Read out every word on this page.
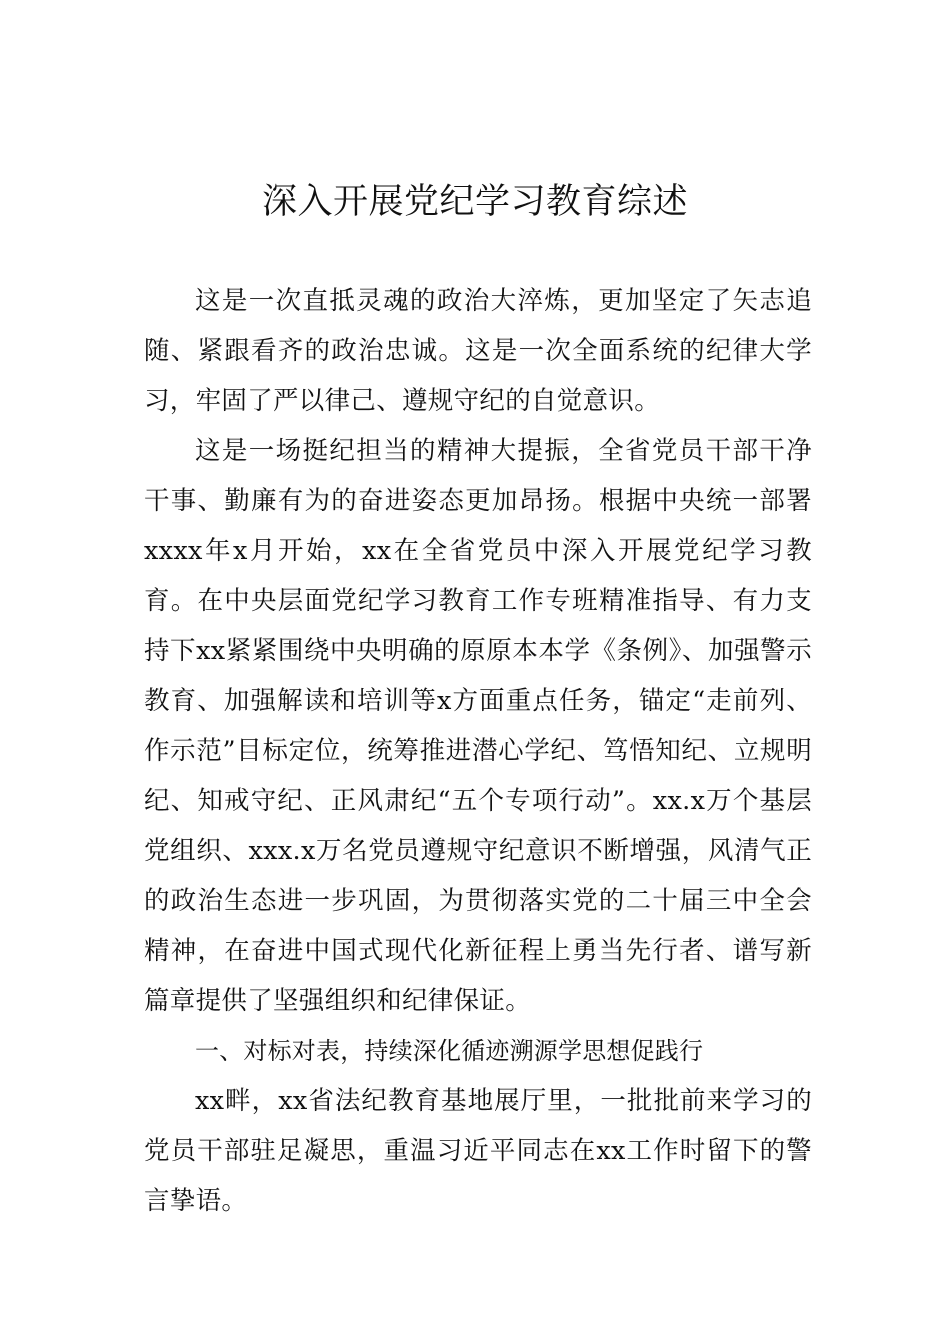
深入开展党纪学习教育综述

这是一次直抵灵魂的政治大淬炼，更加坚定了矢志追随、紧跟看齐的政治忠诚。这是一次全面系统的纪律大学习，牢固了严以律己、遵规守纪的自觉意识。

这是一场挺纪担当的精神大提振，全省党员干部干净干事、勤廉有为的奋进姿态更加昂扬。根据中央统一部署xxxx年x月开始，xx在全省党员中深入开展党纪学习教育。在中央层面党纪学习教育工作专班精准指导、有力支持下xx紧紧围绕中央明确的原原本本学《条例》、加强警示教育、加强解读和培训等x方面重点任务，锚定“走前列、作示范”目标定位，统筹推进潜心学纪、笃悟知纪、立规明纪、知戒守纪、正风肃纪“五个专项行动”。xx.x万个基层党组织、xxx.x万名党员遵规守纪意识不断增强，风清气正的政治生态进一步巩固，为贯彻落实党的二十届三中全会精神，在奋进中国式现代化新征程上勇当先行者、谱写新篇章提供了坚强组织和纪律保证。

一、对标对表，持续深化循迹溯源学思想促践行

xx畔，xx省法纪教育基地展厅里，一批批前来学习的党员干部驻足凝思，重温习近平同志在xx工作时留下的警言挚语。
